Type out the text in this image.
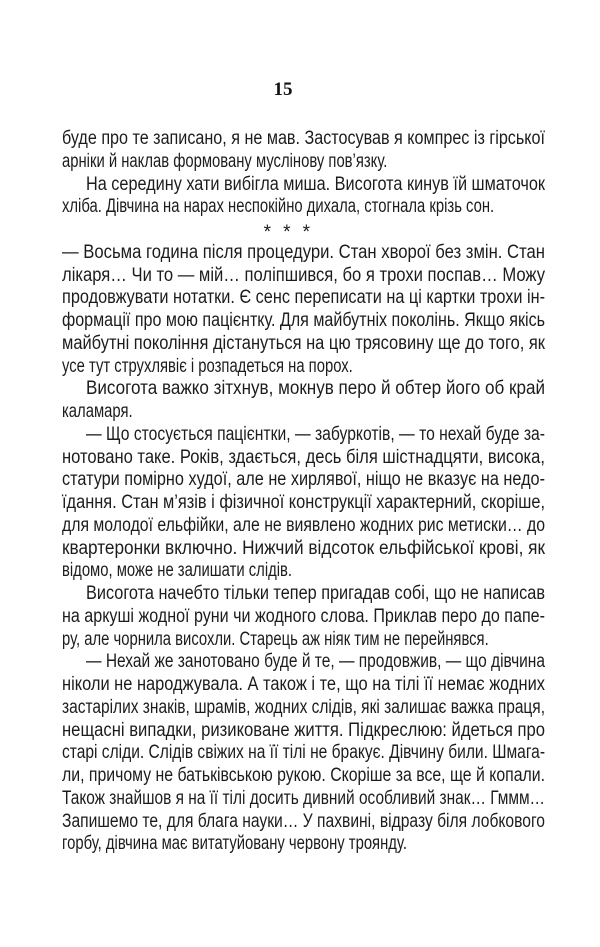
15
буде про те записано, я не мав. Застосував я компрес із гірської
арніки й наклав формовану муслінову пов’язку.
На середину хати вибігла миша. Висогота кинув їй шматочок
хліба. Дівчина на нарах неспокійно дихала, стогнала крізь сон.
* * *
— Восьма година після процедури. Стан хворої без змін. Стан
лікаря… Чи то — мій… поліпшився, бо я трохи поспав… Можу
продовжувати нотатки. Є сенс переписати на ці картки трохи ін-
формації про мою пацієнтку. Для майбутніх поколінь. Якщо якісь
майбутні покоління дістануться на цю трясовину ще до того, як
усе тут струхлявіє і розпадеться на порох.
Висогота важко зітхнув, мокнув перо й обтер його об край
каламаря.
— Що стосується пацієнтки, — забуркотів, — то нехай буде за-
нотовано таке. Років, здається, десь біля шістнадцяти, висока,
статури помірно худої, але не хирлявої, ніщо не вказує на недо-
їдання. Стан м’язів і фізичної конструкції характерний, скоріше,
для молодої ельфійки, але не виявлено жодних рис метиски… до
квартеронки включно. Нижчий відсоток ельфійської крові, як
відомо, може не залишати слідів.
Висогота начебто тільки тепер пригадав собі, що не написав
на аркуші жодної руни чи жодного слова. Приклав перо до папе-
ру, але чорнила висохли. Старець аж ніяк тим не перейнявся.
— Нехай же занотовано буде й те, — продовжив, — що дівчина
ніколи не народжувала. А також і те, що на тілі її немає жодних
застарілих знаків, шрамів, жодних слідів, які залишає важка праця,
нещасні випадки, ризиковане життя. Підкреслюю: йдеться про
старі сліди. Слідів свіжих на її тілі не бракує. Дівчину били. Шмага-
ли, причому не батьківською рукою. Скоріше за все, ще й копали.
Також знайшов я на її тілі досить дивний особливий знак… Гммм…
Запишемо те, для блага науки… У пахвині, відразу біля лобкового
горбу, дівчина має витатуйовану червону троянду.
